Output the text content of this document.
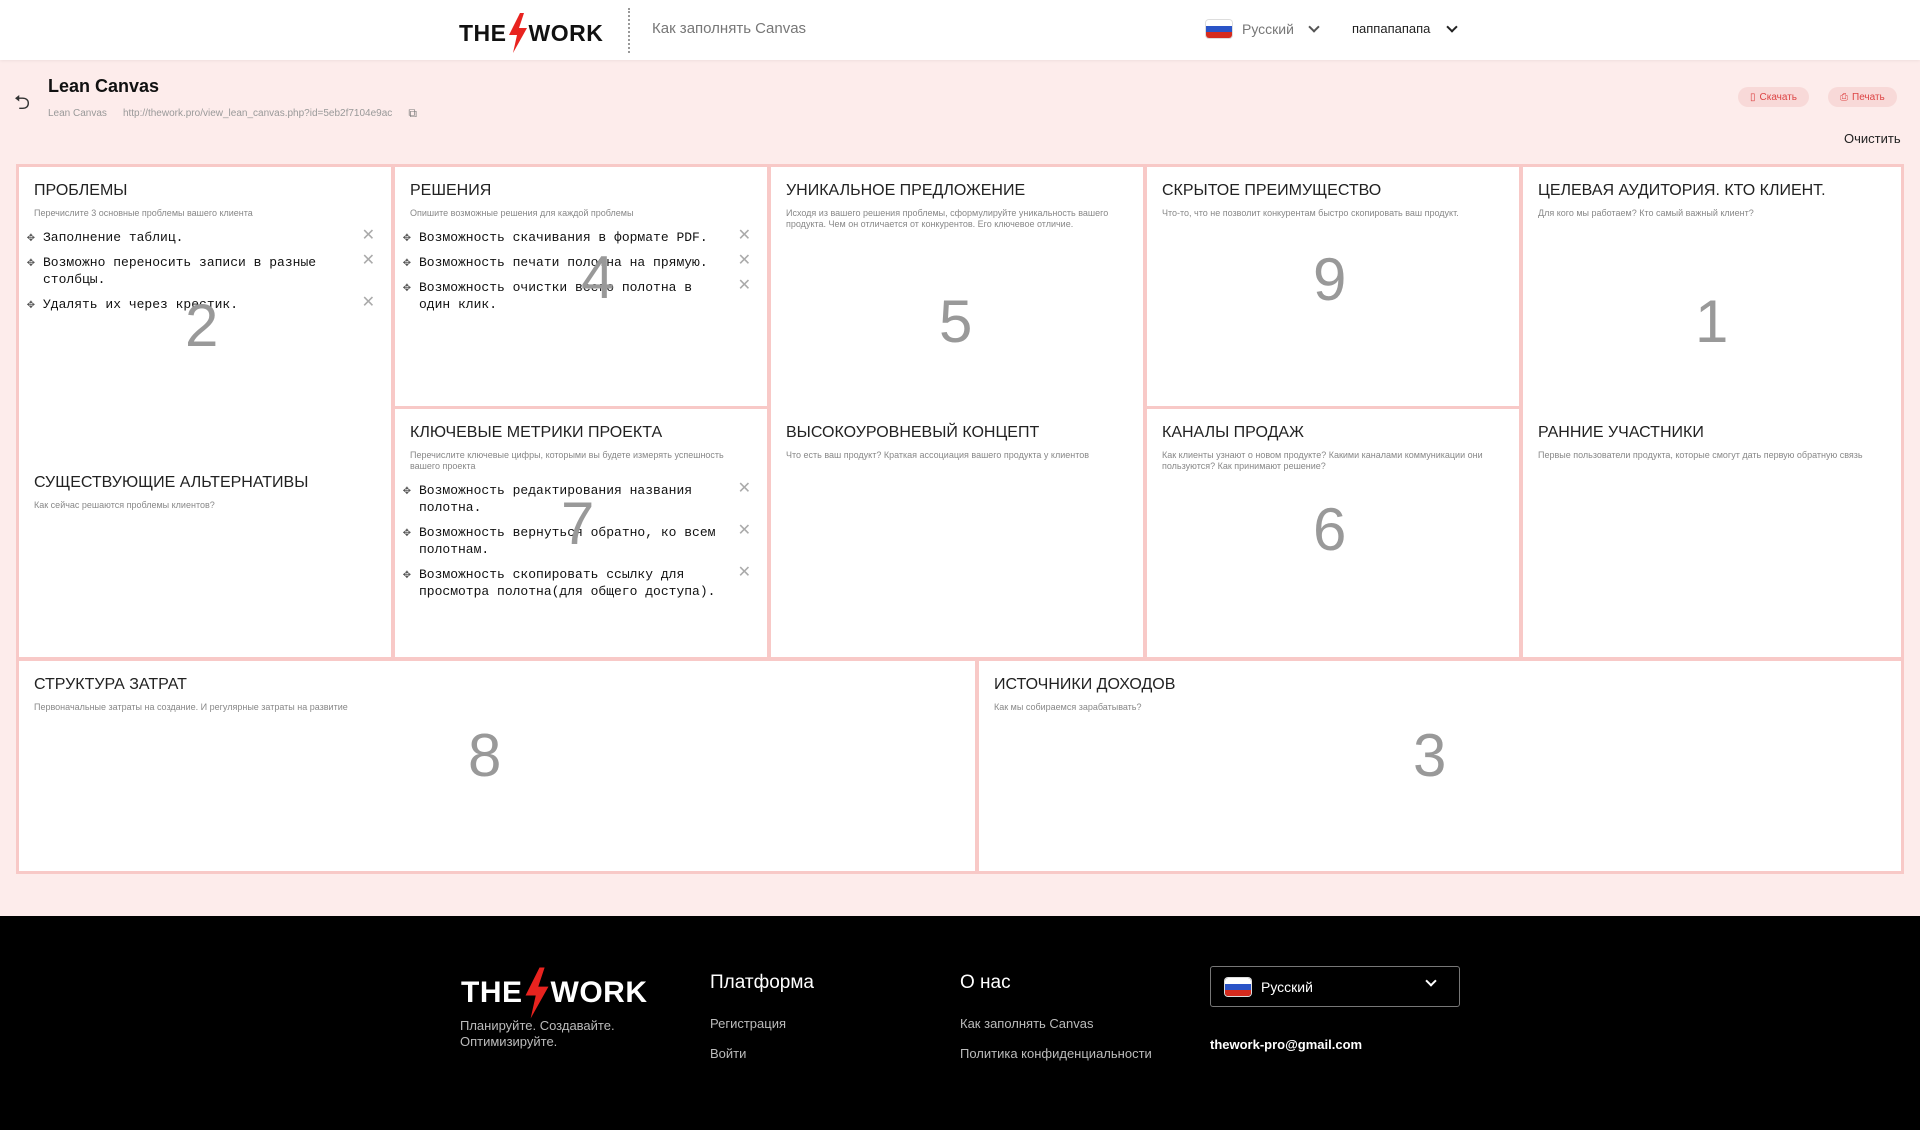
THE WORK	Как заполнять Canvas	Русский	паппапапапа
⮌
Lean Canvas
Lean Canvas http://thework.pro/view_lean_canvas.php?id=5eb2f7104e9ac ⧉
▯ Скачать	⎙ Печать
Очистить
ПРОБЛЕМЫ
Перечислите 3 основные проблемы вашего клиента
✥ Заполнение таблиц.	✕
✥ Возможно переносить записи в разные столбцы.
✕
✥ Удалять их через крестик.	✕
2
СУЩЕСТВУЮЩИЕ АЛЬТЕРНАТИВЫ
Как сейчас решаются проблемы клиентов?
РЕШЕНИЯ
Опишите возможные решения для каждой проблемы
✥ Возможность скачивания в формате PDF. ✕
✥ Возможность печати полотна на прямую. ✕
✥ Возможность очистки всего полотна в один клик.
✕
4
КЛЮЧЕВЫЕ МЕТРИКИ ПРОЕКТА
Перечислите ключевые цифры, которыми вы будете измерять успешность вашего проекта
✥ Возможность редактирования названия полотна.
✕
✥ Возможность вернуться обратно, ко всем полотнам.
✕
✥ Возможность скопировать ссылку для просмотра полотна(для общего доступа).
✕
7
УНИКАЛЬНОЕ ПРЕДЛОЖЕНИЕ
Исходя из вашего решения проблемы, сформулируйте уникальность вашего продукта. Чем он отличается от конкурентов. Его ключевое отличие.
5
ВЫСОКОУРОВНЕВЫЙ КОНЦЕПТ
Что есть ваш продукт? Краткая ассоциация вашего продукта у клиентов
СКРЫТОЕ ПРЕИМУЩЕСТВО
Что-то, что не позволит конкурентам быстро скопировать ваш продукт.
9
КАНАЛЫ ПРОДАЖ
Как клиенты узнают о новом продукте? Какими каналами коммуникации они пользуются? Как принимают решение?
6
ЦЕЛЕВАЯ АУДИТОРИЯ. КТО КЛИЕНТ.
Для кого мы работаем? Кто самый важный клиент?
1
РАННИЕ УЧАСТНИКИ
Первые пользователи продукта, которые смогут дать первую обратную связь
СТРУКТУРА ЗАТРАТ
Первоначальные затраты на создание. И регулярные затраты на развитие
8
ИСТОЧНИКИ ДОХОДОВ
Как мы собираемся зарабатывать?
3
THE WORK
Планируйте. Создавайте. Оптимизируйте.
Платформа
Регистрация
Войти
О нас
Как заполнять Canvas
Политика конфиденциальности
Русский
thework-pro@gmail.com
